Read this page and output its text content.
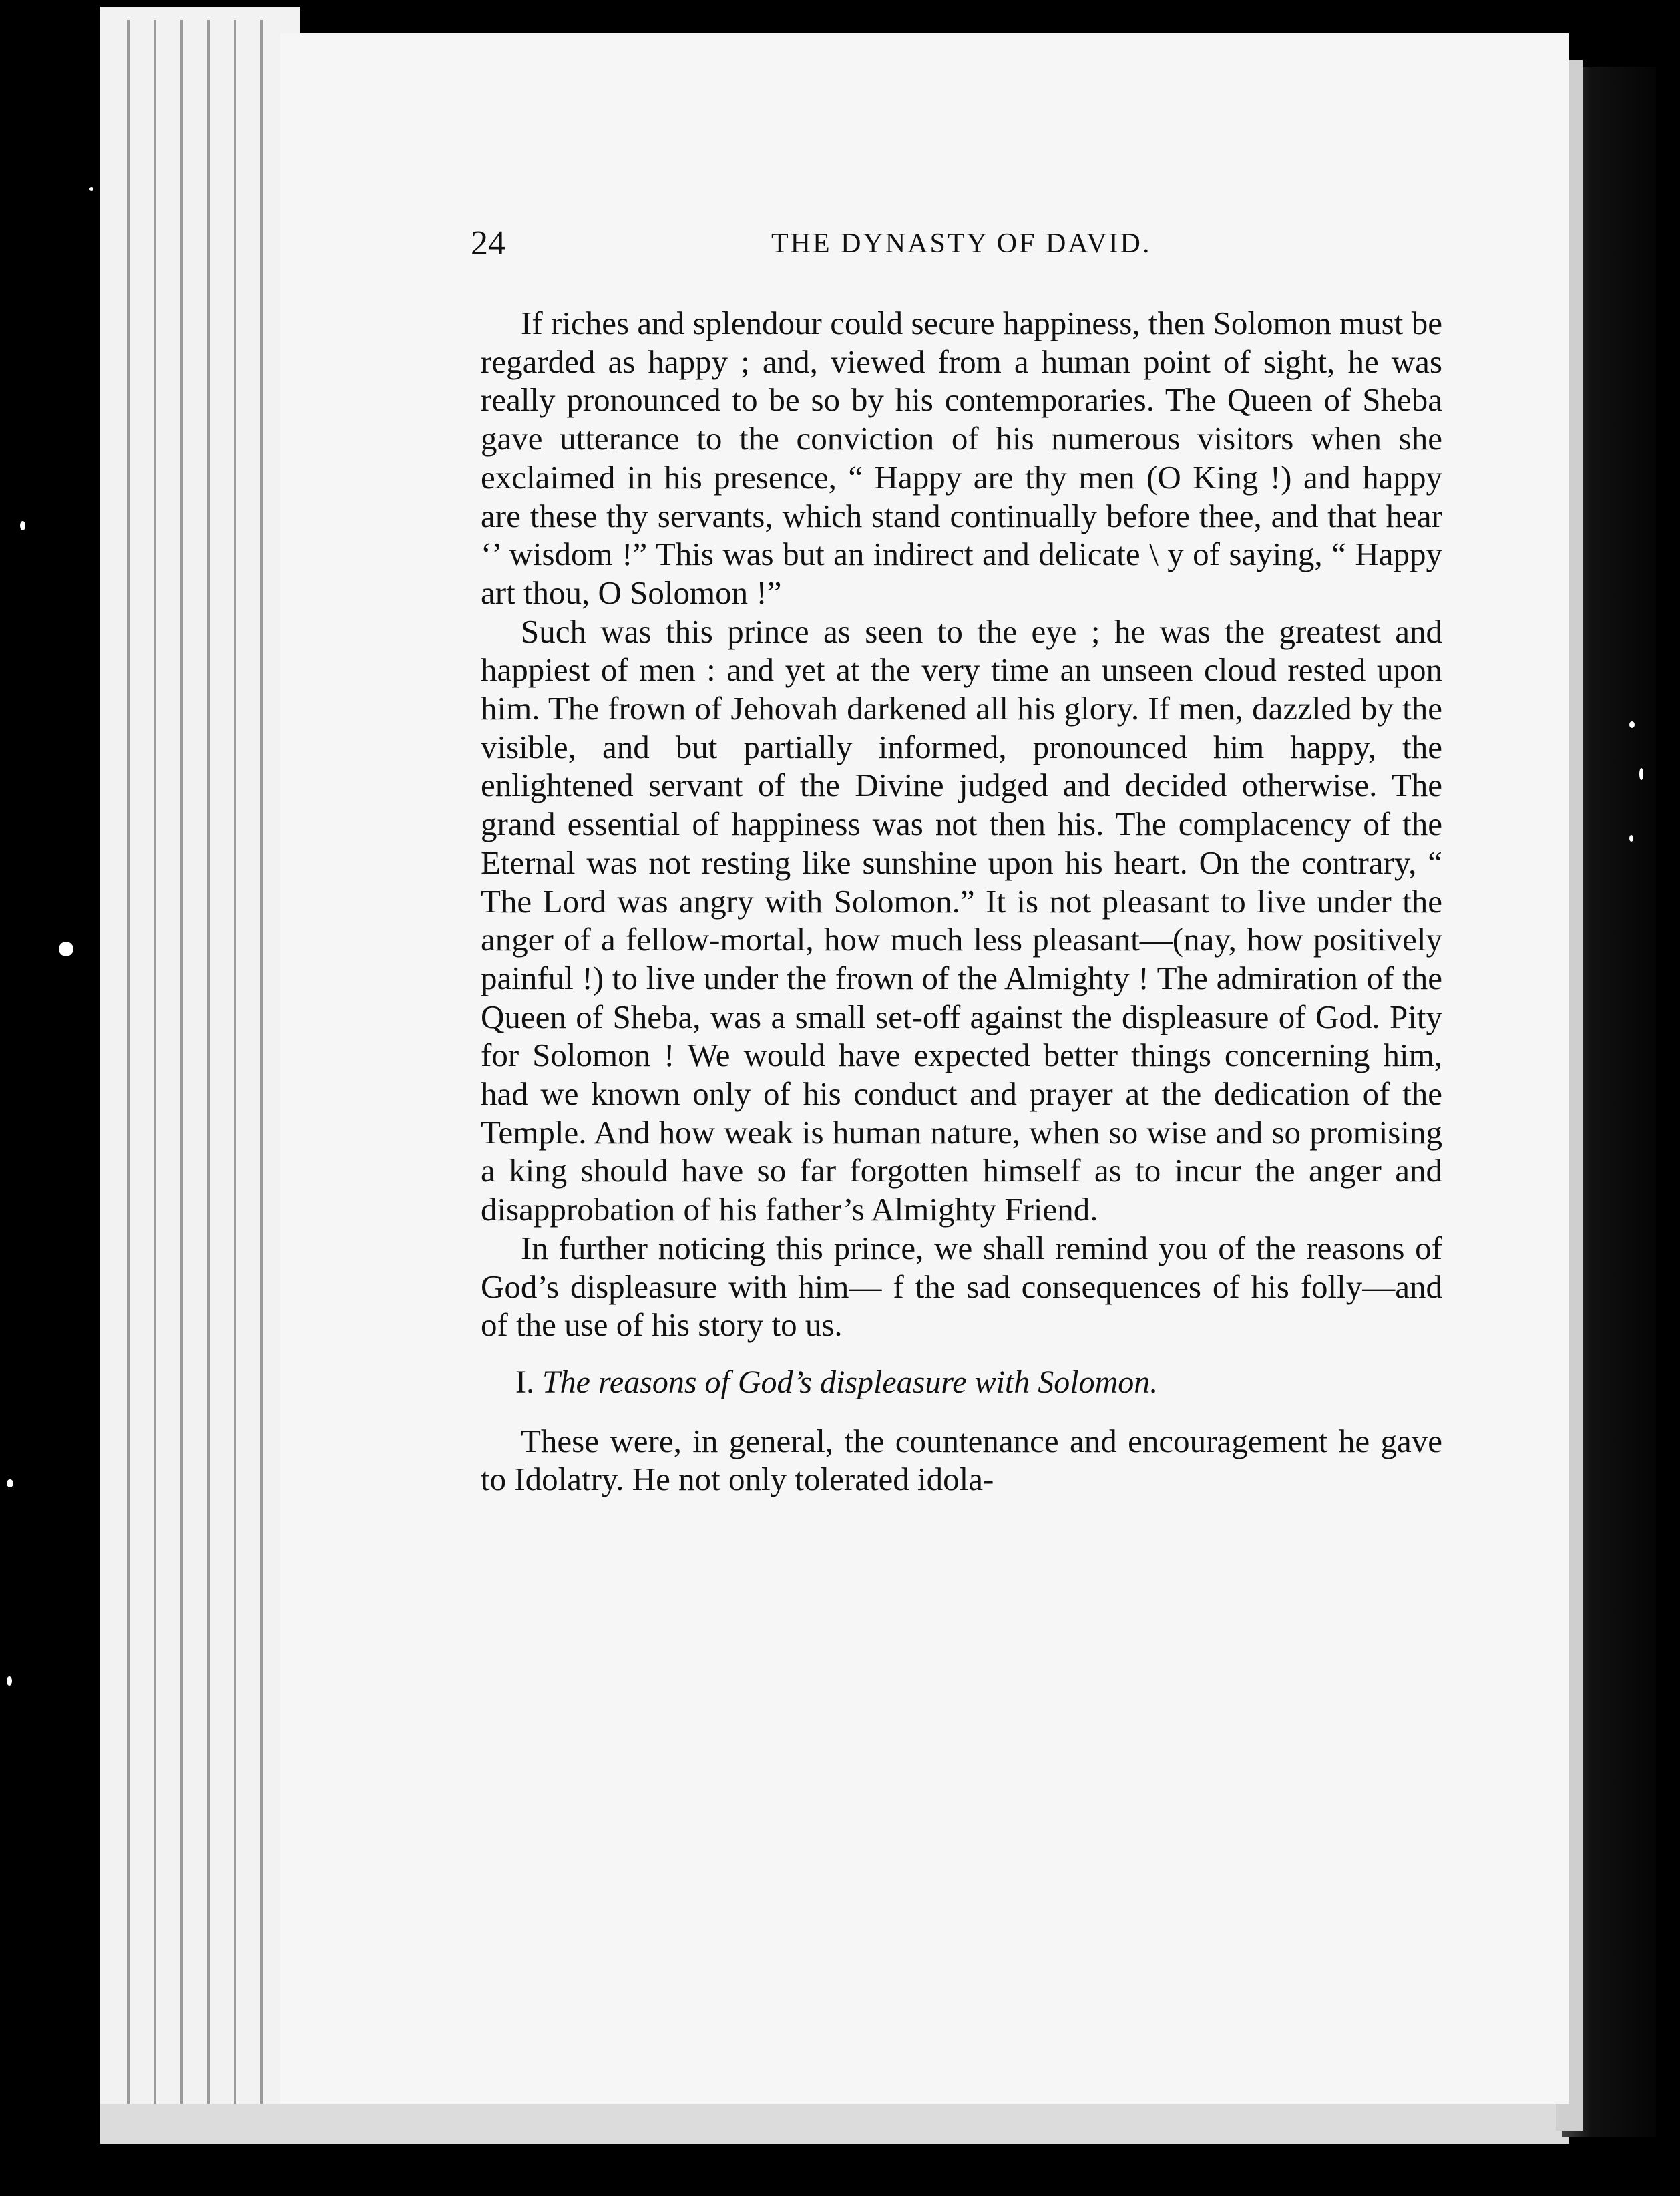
24	THE DYNASTY OF DAVID.

If riches and splendour could secure happiness, then Solomon must be regarded as happy ; and, viewed from a human point of sight, he was really pronounced to be so by his contemporaries. The Queen of Sheba gave utterance to the conviction of his numerous visitors when she exclaimed in his presence, “ Happy are thy men (O King !) and happy are these thy servants, which stand continually before thee, and that hear ‘’ wisdom !” This was but an indirect and delicate \ y of saying, “ Happy art thou, O Solomon !”

Such was this prince as seen to the eye ; he was the greatest and happiest of men : and yet at the very time an unseen cloud rested upon him. The frown of Jehovah darkened all his glory. If men, dazzled by the visible, and but partially informed, pronounced him happy, the enlightened servant of the Divine judged and decided otherwise. The grand essential of happiness was not then his. The complacency of the Eternal was not resting like sunshine upon his heart. On the contrary, “ The Lord was angry with Solomon.” It is not pleasant to live under the anger of a fellow-mortal, how much less pleasant—(nay, how positively painful !) to live under the frown of the Almighty ! The admiration of the Queen of Sheba, was a small set-off against the displeasure of God. Pity for Solomon ! We would have expected better things concerning him, had we known only of his conduct and prayer at the dedication of the Temple. And how weak is human nature, when so wise and so promising a king should have so far forgotten himself as to incur the anger and disapprobation of his father’s Almighty Friend.

In further noticing this prince, we shall remind you of the reasons of God’s displeasure with him— f the sad consequences of his folly—and of the use of his story to us.

I. The reasons of God’s displeasure with Solomon.

These were, in general, the countenance and encouragement he gave to Idolatry. He not only tolerated idola-
